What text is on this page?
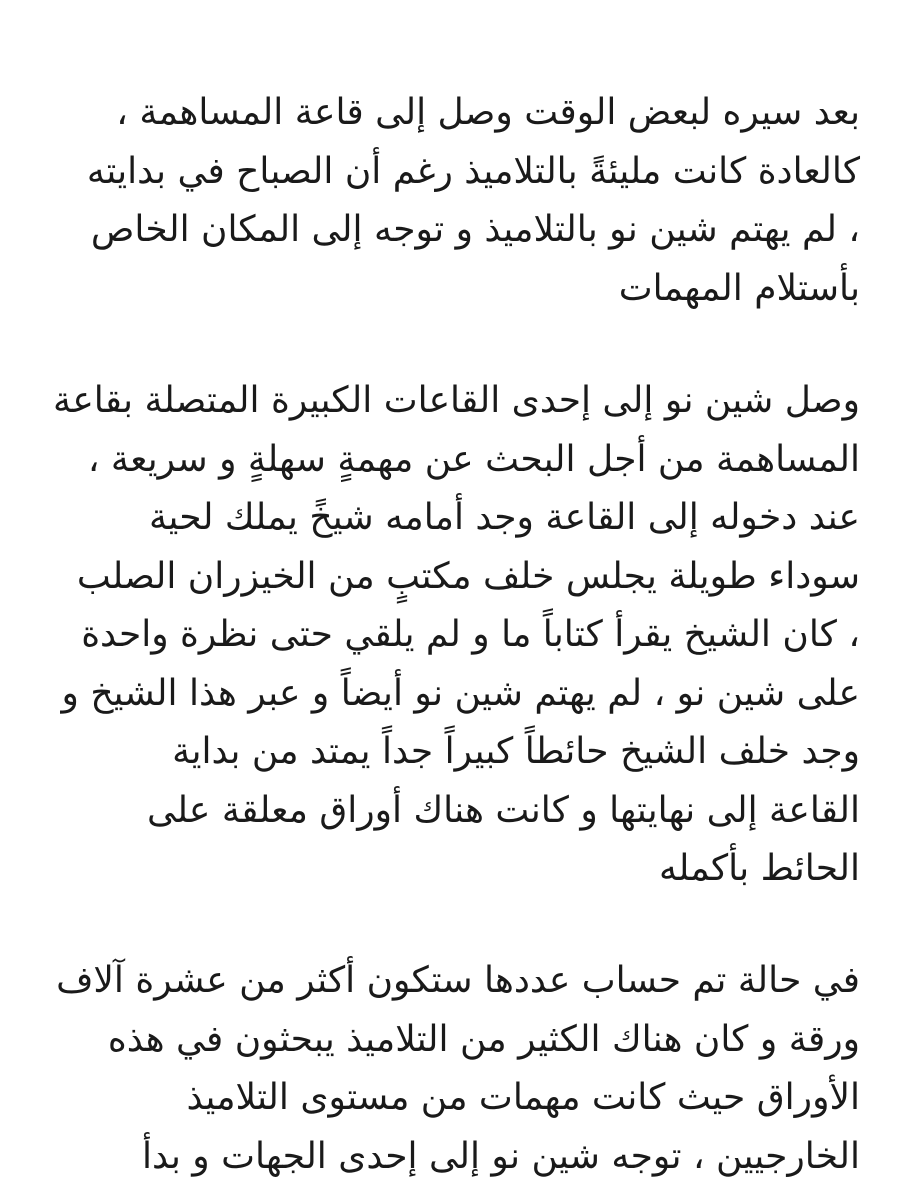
بعد سيره لبعض الوقت وصل إلى قاعة المساهمة ،
كالعادة كانت مليئةً بالتلاميذ رغم أن الصباح في بدايته
، لم يهتم شين نو بالتلاميذ و توجه إلى المكان الخاص
بأستلام المهمات

وصل شين نو إلى إحدى القاعات الكبيرة المتصلة بقاعة
المساهمة من أجل البحث عن مهمةٍ سهلةٍ و سريعة ،
عند دخوله إلى القاعة وجد أمامه شيخً يملك لحية
سوداء طويلة يجلس خلف مكتبٍ من الخيزران الصلب
، كان الشيخ يقرأ كتاباً ما و لم يلقي حتى نظرة واحدة
على شين نو ، لم يهتم شين نو أيضاً و عبر هذا الشيخ و
وجد خلف الشيخ حائطاً كبيراً جداً يمتد من بداية
القاعة إلى نهايتها و كانت هناك أوراق معلقة على
الحائط بأكمله

في حالة تم حساب عددها ستكون أكثر من عشرة آلاف
ورقة و كان هناك الكثير من التلاميذ يبحثون في هذه
الأوراق حيث كانت مهمات من مستوى التلاميذ
الخارجيين ، توجه شين نو إلى إحدى الجهات و بدأ
